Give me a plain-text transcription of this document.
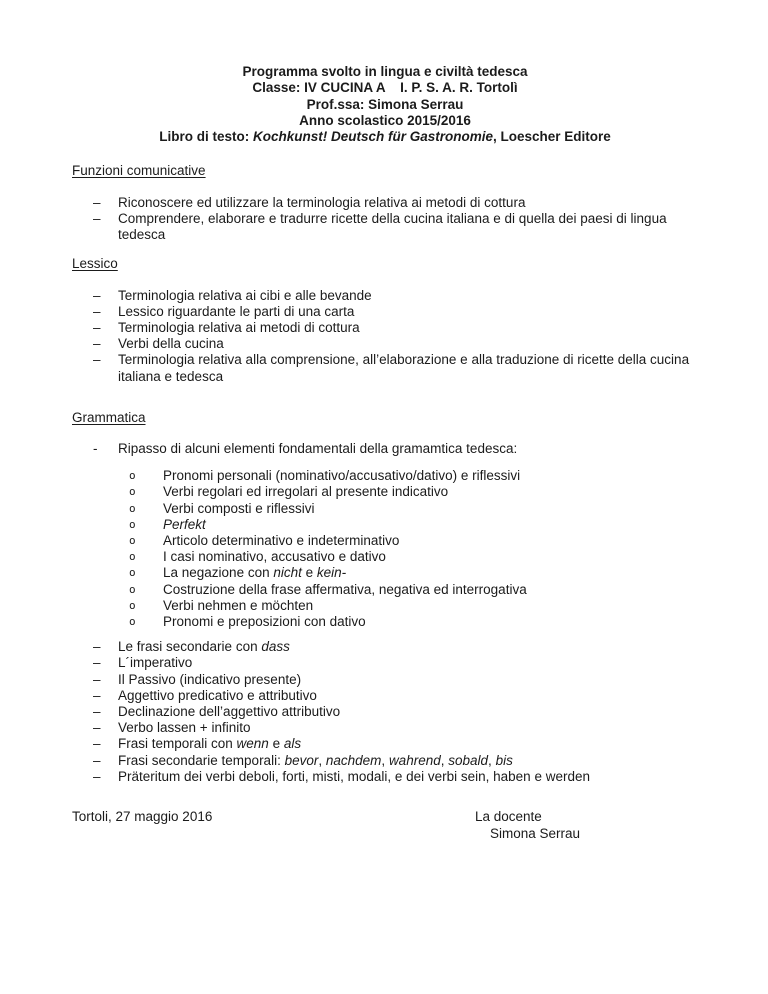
Programma svolto in lingua e civiltà tedesca
Classe: IV CUCINA A    I. P. S. A. R. Tortolì
Prof.ssa: Simona Serrau
Anno scolastico 2015/2016
Libro di testo: Kochkunst! Deutsch für Gastronomie, Loescher Editore
Funzioni comunicative
–	Riconoscere ed utilizzare la terminologia relativa ai metodi di cottura
–	Comprendere, elaborare e tradurre ricette della cucina italiana e di quella dei paesi di lingua tedesca
Lessico
–	Terminologia relativa ai cibi e alle bevande
–	Lessico riguardante le parti di una carta
–	Terminologia relativa ai metodi di cottura
–	Verbi della cucina
–	Terminologia relativa alla comprensione, all’elaborazione e alla traduzione di ricette della cucina italiana e tedesca
Grammatica
-	Ripasso di alcuni elementi fondamentali della gramamtica tedesca:
o	Pronomi personali (nominativo/accusativo/dativo) e riflessivi
o	Verbi regolari ed irregolari al presente indicativo
o	Verbi composti e riflessivi
o	Perfekt
o	Articolo determinativo e indeterminativo
o	I casi nominativo, accusativo e dativo
o	La negazione con nicht e kein-
o	Costruzione della frase affermativa, negativa ed interrogativa
o	Verbi nehmen e möchten
o	Pronomi e preposizioni con dativo
–	Le frasi secondarie con dass
–	L´imperativo
–	Il Passivo (indicativo presente)
–	Aggettivo predicativo e attributivo
–	Declinazione dell’aggettivo attributivo
–	Verbo lassen + infinito
–	Frasi temporali con wenn e als
–	Frasi secondarie temporali: bevor, nachdem, wahrend, sobald, bis
–	Präteritum dei verbi deboli, forti, misti, modali, e dei verbi sein, haben e werden
Tortoli, 27 maggio 2016	La docente
Simona Serrau
